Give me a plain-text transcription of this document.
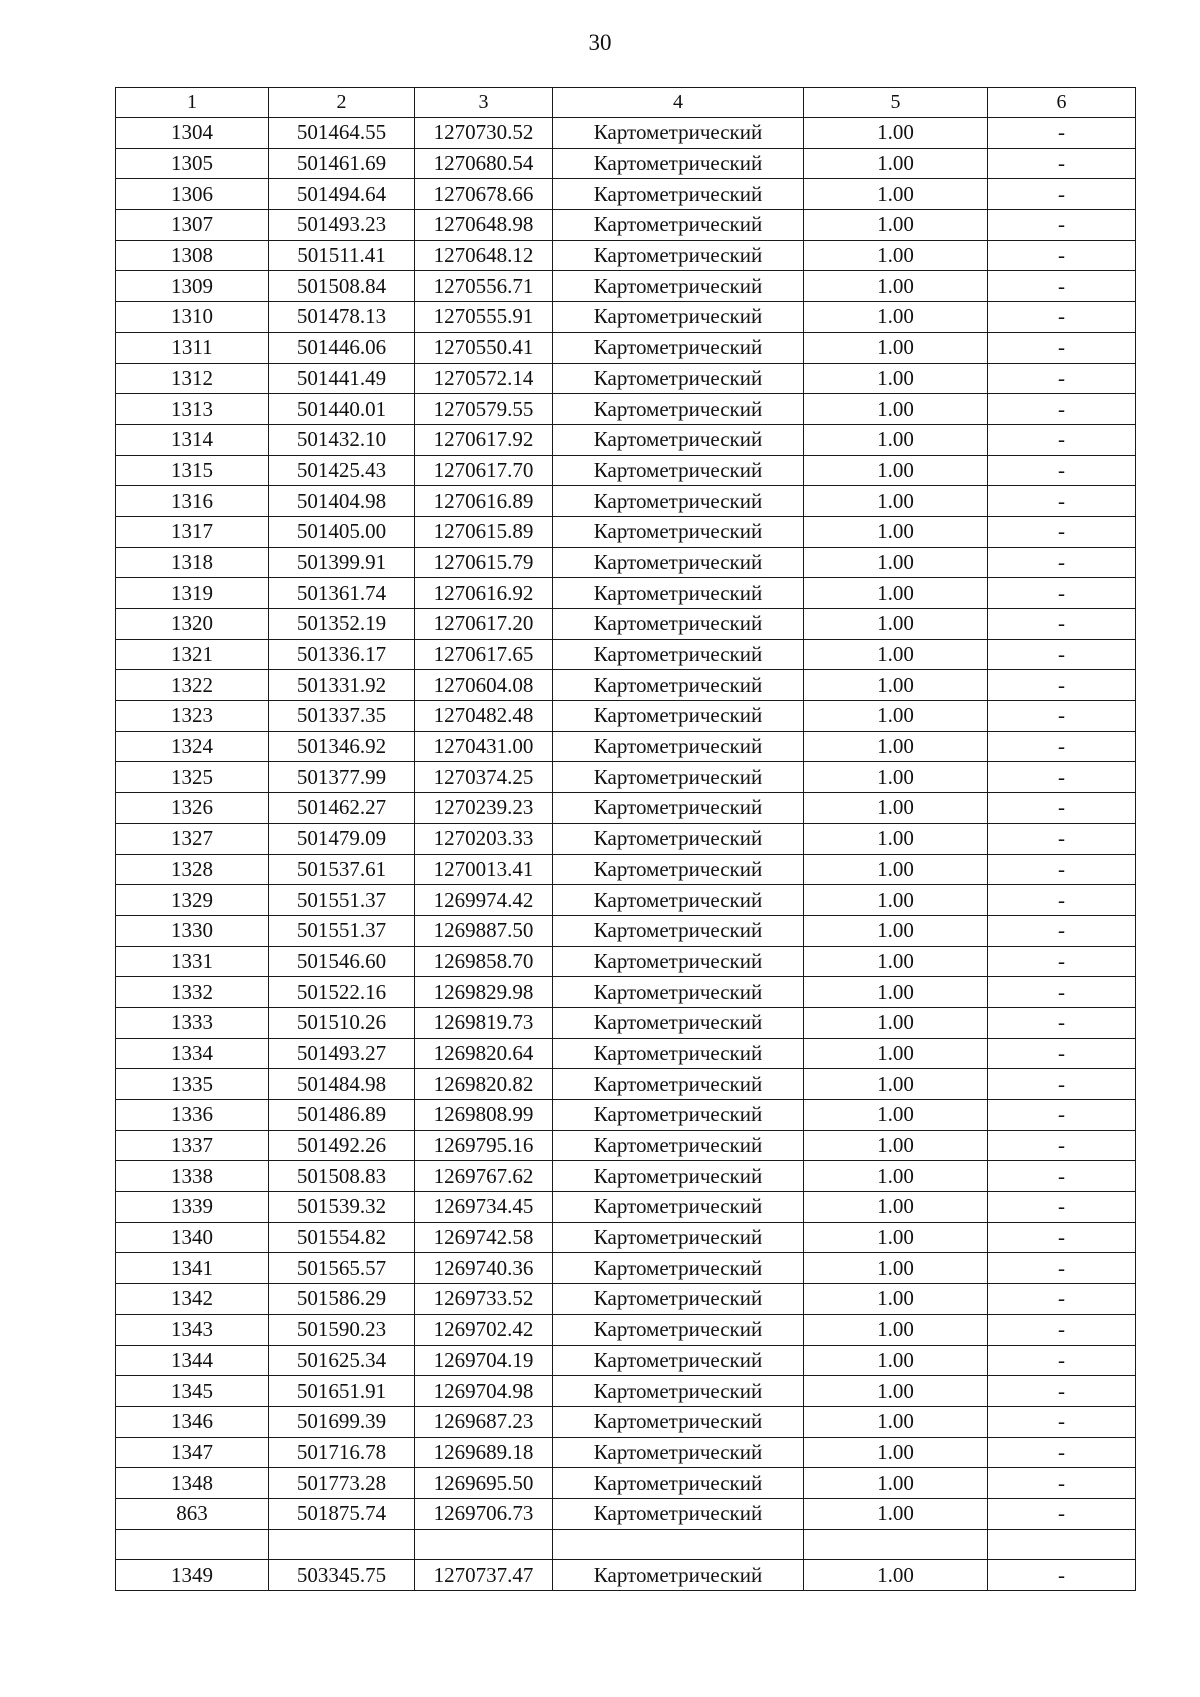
30
1	2	3	4	5	6
1304	501464.55	1270730.52	Картометрический	1.00	-
1305	501461.69	1270680.54	Картометрический	1.00	-
1306	501494.64	1270678.66	Картометрический	1.00	-
1307	501493.23	1270648.98	Картометрический	1.00	-
1308	501511.41	1270648.12	Картометрический	1.00	-
1309	501508.84	1270556.71	Картометрический	1.00	-
1310	501478.13	1270555.91	Картометрический	1.00	-
1311	501446.06	1270550.41	Картометрический	1.00	-
1312	501441.49	1270572.14	Картометрический	1.00	-
1313	501440.01	1270579.55	Картометрический	1.00	-
1314	501432.10	1270617.92	Картометрический	1.00	-
1315	501425.43	1270617.70	Картометрический	1.00	-
1316	501404.98	1270616.89	Картометрический	1.00	-
1317	501405.00	1270615.89	Картометрический	1.00	-
1318	501399.91	1270615.79	Картометрический	1.00	-
1319	501361.74	1270616.92	Картометрический	1.00	-
1320	501352.19	1270617.20	Картометрический	1.00	-
1321	501336.17	1270617.65	Картометрический	1.00	-
1322	501331.92	1270604.08	Картометрический	1.00	-
1323	501337.35	1270482.48	Картометрический	1.00	-
1324	501346.92	1270431.00	Картометрический	1.00	-
1325	501377.99	1270374.25	Картометрический	1.00	-
1326	501462.27	1270239.23	Картометрический	1.00	-
1327	501479.09	1270203.33	Картометрический	1.00	-
1328	501537.61	1270013.41	Картометрический	1.00	-
1329	501551.37	1269974.42	Картометрический	1.00	-
1330	501551.37	1269887.50	Картометрический	1.00	-
1331	501546.60	1269858.70	Картометрический	1.00	-
1332	501522.16	1269829.98	Картометрический	1.00	-
1333	501510.26	1269819.73	Картометрический	1.00	-
1334	501493.27	1269820.64	Картометрический	1.00	-
1335	501484.98	1269820.82	Картометрический	1.00	-
1336	501486.89	1269808.99	Картометрический	1.00	-
1337	501492.26	1269795.16	Картометрический	1.00	-
1338	501508.83	1269767.62	Картометрический	1.00	-
1339	501539.32	1269734.45	Картометрический	1.00	-
1340	501554.82	1269742.58	Картометрический	1.00	-
1341	501565.57	1269740.36	Картометрический	1.00	-
1342	501586.29	1269733.52	Картометрический	1.00	-
1343	501590.23	1269702.42	Картометрический	1.00	-
1344	501625.34	1269704.19	Картометрический	1.00	-
1345	501651.91	1269704.98	Картометрический	1.00	-
1346	501699.39	1269687.23	Картометрический	1.00	-
1347	501716.78	1269689.18	Картометрический	1.00	-
1348	501773.28	1269695.50	Картометрический	1.00	-
863	501875.74	1269706.73	Картометрический	1.00	-

1349	503345.75	1270737.47	Картометрический	1.00	-
